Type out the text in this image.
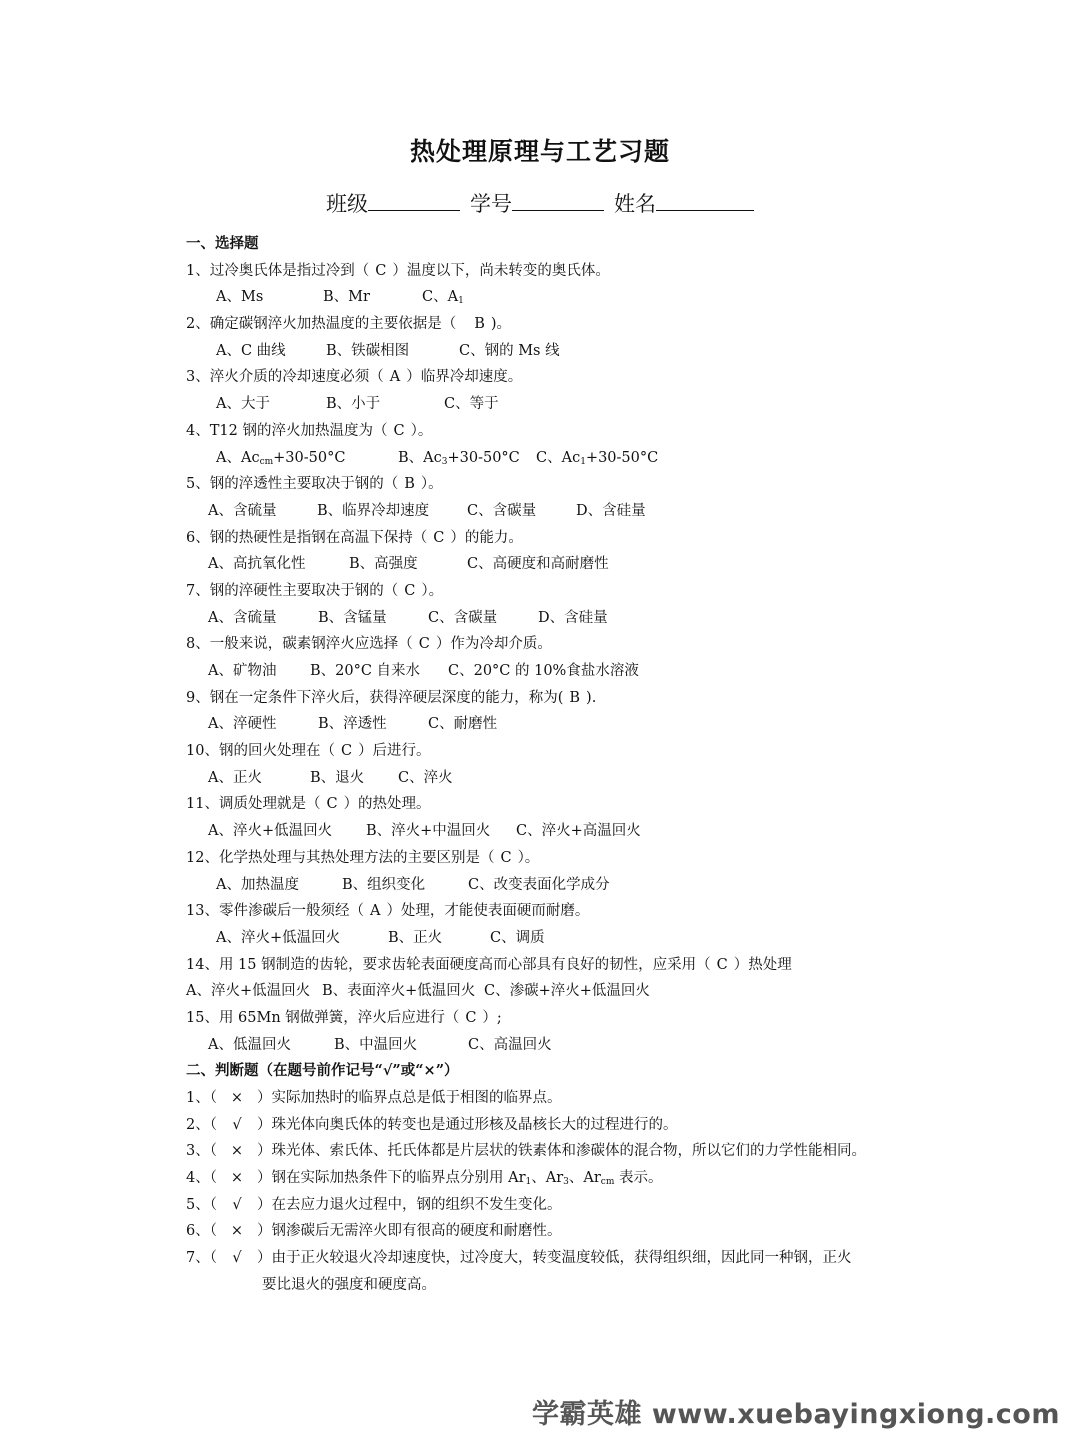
热处理原理与工艺习题
班级	学号	姓名
一、选择题
1、过冷奥氏体是指过冷到（ C ）温度以下，尚未转变的奥氏体。
A、Ms	B、Mr	C、$A_1$
2、确定碳钢淬火加热温度的主要依据是（ B )。
A、C 曲线	B、铁碳相图	C、钢的 Ms 线
3、淬火介质的冷却速度必须（ A ）临界冷却速度。
A、大于	B、小于	C、等于
4、T12 钢的淬火加热温度为（ C ）。
A、$Ac_{cm}+30-50^\circ C$	B、$Ac_3+30-50^\circ C$ C、$Ac_1+30-50^\circ C$
5、钢的淬透性主要取决于钢的（ B ）。
A、含硫量	B、临界冷却速度	C、含碳量	D、含硅量
6、钢的热硬性是指钢在高温下保持（ C ）的能力。
A、高抗氧化性	B、高强度	C、高硬度和高耐磨性
7、钢的淬硬性主要取决于钢的（ C ）。
A、含硫量	B、含锰量	C、含碳量	D、含硅量
8、一般来说，碳素钢淬火应选择（ C ）作为冷却介质。
A、矿物油 B、20°C 自来水 C、20°C 的 10%食盐水溶液
9、钢在一定条件下淬火后，获得淬硬层深度的能力，称为( B ).
A、淬硬性	B、淬透性	C、耐磨性
10、钢的回火处理在（ C ）后进行。
A、正火	B、退火 C、淬火
11、调质处理就是（ C ）的热处理。
A、淬火+低温回火 B、淬火+中温回火 C、淬火+高温回火
12、化学热处理与其热处理方法的主要区别是（ C ）。
A、加热温度	B、组织变化	C、改变表面化学成分
13、零件渗碳后一般须经（ A ）处理，才能使表面硬而耐磨。
A、淬火+低温回火	B、正火	C、调质
14、用 15 钢制造的齿轮，要求齿轮表面硬度高而心部具有良好的韧性，应采用（ C ）热处理
A、淬火+低温回火 B、表面淬火+低温回火 C、渗碳+淬火+低温回火
15、用 65Mn 钢做弹簧，淬火后应进行（ C ）;
A、低温回火	B、中温回火	C、高温回火
二、判断题（在题号前作记号“√”或“×”）
1、（ × ）实际加热时的临界点总是低于相图的临界点。
2、（ √ ）珠光体向奥氏体的转变也是通过形核及晶核长大的过程进行的。
3、（ × ）珠光体、索氏体、托氏体都是片层状的铁素体和渗碳体的混合物，所以它们的力学性能相同。
4、（ × ）钢在实际加热条件下的临界点分别用 $Ar_1$、$Ar_3$、$Ar_{cm}$ 表示。
5、（ √ ）在去应力退火过程中，钢的组织不发生变化。
6、（ × ）钢渗碳后无需淬火即有很高的硬度和耐磨性。
7、（ √ ）由于正火较退火冷却速度快，过冷度大，转变温度较低，获得组织细，因此同一种钢，正火
要比退火的强度和硬度高。
学霸英雄 www.xuebayingxiong.com
